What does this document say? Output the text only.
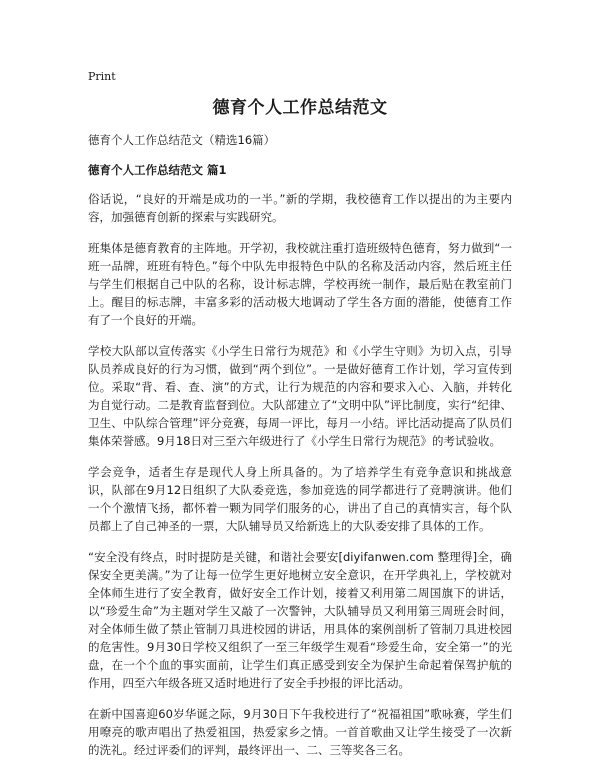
Print
德育个人工作总结范文
德育个人工作总结范文（精选16篇）
德育个人工作总结范文 篇1

俗话说，“良好的开端是成功的一半。”新的学期，我校德育工作以提出的为主要内容，加强德育创新的探索与实践研究。

班集体是德育教育的主阵地。开学初，我校就注重打造班级特色德育，努力做到“一班一品牌，班班有特色。”每个中队先申报特色中队的名称及活动内容，然后班主任与学生们根据自己中队的名称，设计标志牌，学校再统一制作，最后贴在教室前门上。醒目的标志牌，丰富多彩的活动极大地调动了学生各方面的潜能，使德育工作有了一个良好的开端。

学校大队部以宣传落实《小学生日常行为规范》和《小学生守则》为切入点，引导队员养成良好的行为习惯，做到“两个到位”。一是做好德育工作计划，学习宣传到位。采取“背、看、查、演”的方式，让行为规范的内容和要求入心、入脑，并转化为自觉行动。二是教育监督到位。大队部建立了“文明中队”评比制度，实行“纪律、卫生、中队综合管理”评分竞赛，每周一评比，每月一小结。评比活动提高了队员们集体荣誉感。9月18日对三至六年级进行了《小学生日常行为规范》的考试验收。

学会竞争，适者生存是现代人身上所具备的。为了培养学生有竞争意识和挑战意识，队部在9月12日组织了大队委竞选，参加竞选的同学都进行了竞聘演讲。他们一个个激情飞扬，都怀着一颗为同学们服务的心，讲出了自己的真情实言，每个队员都上了自己神圣的一票，大队辅导员又给新选上的大队委安排了具体的工作。

“安全没有终点，时时提防是关键，和谐社会要安[diyifanwen.com 整理得]全，确保安全更美满。”为了让每一位学生更好地树立安全意识，在开学典礼上，学校就对全体师生进行了安全教育，做好安全工作计划，接着又利用第二周国旗下的讲话，以“珍爱生命”为主题对学生又敲了一次警钟，大队辅导员又利用第三周班会时间，对全体师生做了禁止管制刀具进校园的讲话，用具体的案例剖析了管制刀具进校园的危害性。9月30日学校又组织了一至三年级学生观看“珍爱生命，安全第一”的光盘，在一个个血的事实面前，让学生们真正感受到安全为保护生命起着保驾护航的作用，四至六年级各班又适时地进行了安全手抄报的评比活动。

在新中国喜迎60岁华诞之际，9月30日下午我校进行了“祝福祖国”歌咏赛，学生们用嘹亮的歌声唱出了热爱祖国，热爱家乡之情。一首首歌曲又让学生接受了一次新的洗礼。经过评委们的评判，最终评出一、二、三等奖各三名。
